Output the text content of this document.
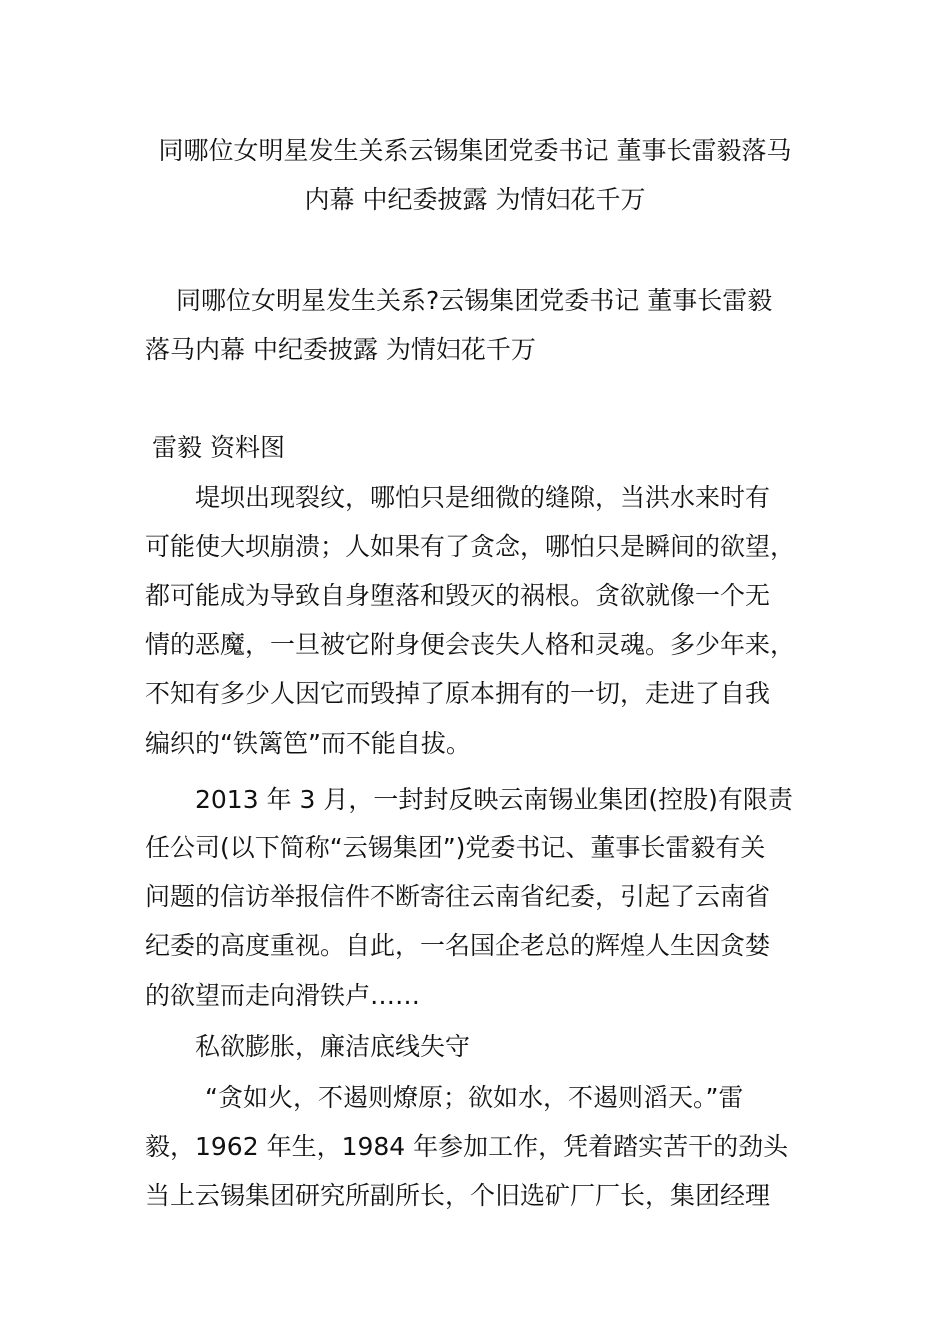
同哪位女明星发生关系云锡集团党委书记 董事长雷毅落马
内幕 中纪委披露 为情妇花千万
同哪位女明星发生关系?云锡集团党委书记 董事长雷毅
落马内幕 中纪委披露 为情妇花千万
雷毅 资料图
堤坝出现裂纹，哪怕只是细微的缝隙，当洪水来时有
可能使大坝崩溃；人如果有了贪念，哪怕只是瞬间的欲望，
都可能成为导致自身堕落和毁灭的祸根。贪欲就像一个无
情的恶魔，一旦被它附身便会丧失人格和灵魂。多少年来，
不知有多少人因它而毁掉了原本拥有的一切，走进了自我
编织的“铁篱笆”而不能自拔。
2013 年 3 月，一封封反映云南锡业集团(控股)有限责
任公司(以下简称“云锡集团”)党委书记、董事长雷毅有关
问题的信访举报信件不断寄往云南省纪委，引起了云南省
纪委的高度重视。自此，一名国企老总的辉煌人生因贪婪
的欲望而走向滑铁卢……
私欲膨胀，廉洁底线失守
“贪如火，不遏则燎原；欲如水，不遏则滔天。”雷
毅，1962 年生，1984 年参加工作，凭着踏实苦干的劲头
当上云锡集团研究所副所长，个旧选矿厂厂长，集团经理
